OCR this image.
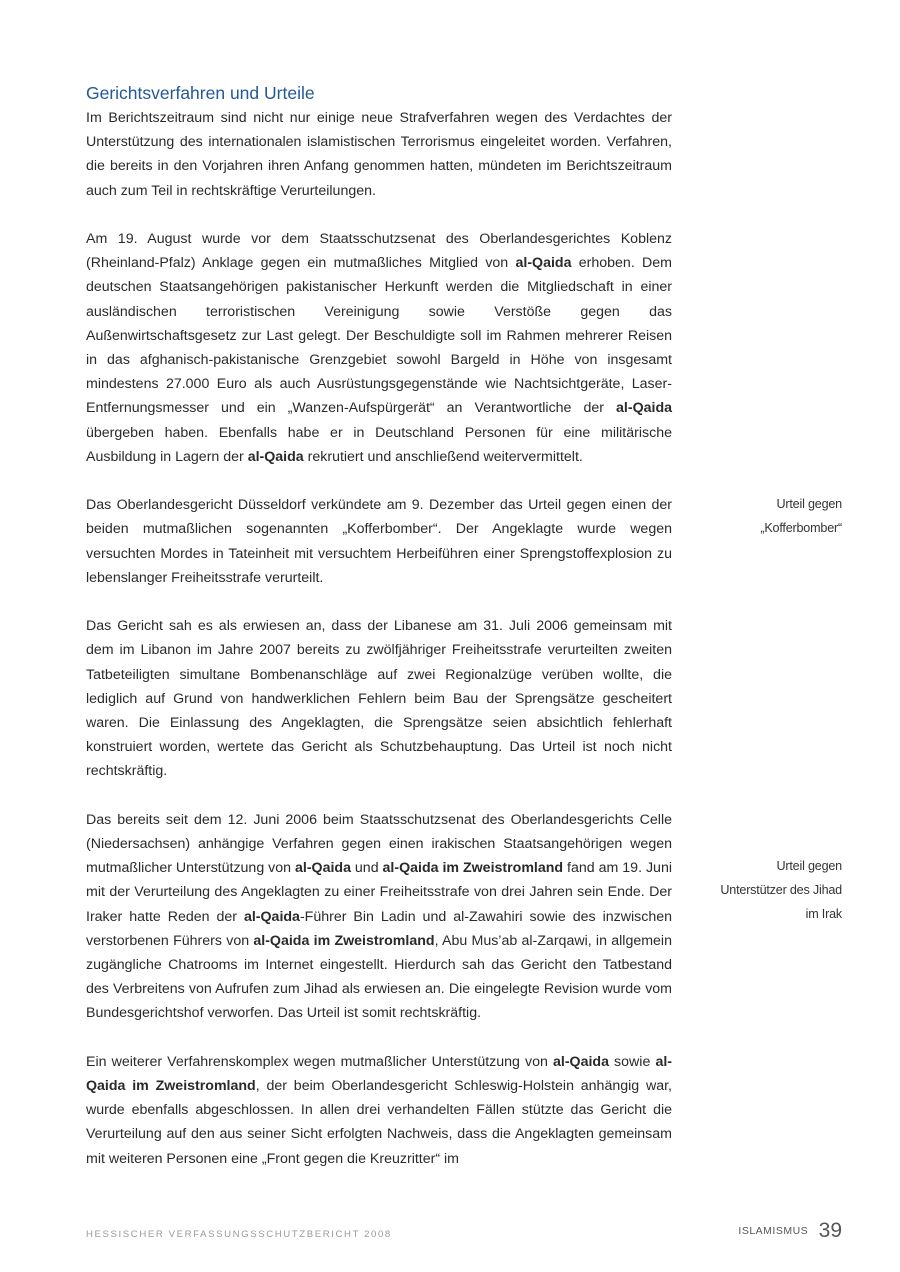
Gerichtsverfahren und Urteile

Im Berichtszeitraum sind nicht nur einige neue Strafverfahren wegen des Verdachtes der Unterstützung des internationalen islamistischen Terrorismus eingeleitet worden. Verfahren, die bereits in den Vorjahren ihren Anfang genommen hatten, mündeten im Berichtszeitraum auch zum Teil in rechtskräftige Verurteilungen.

Am 19. August wurde vor dem Staatsschutzsenat des Oberlandesgerichtes Koblenz (Rheinland-Pfalz) Anklage gegen ein mutmaßliches Mitglied von al-Qaida erhoben. Dem deutschen Staatsangehörigen pakistanischer Herkunft werden die Mitgliedschaft in einer ausländischen terroristischen Vereinigung sowie Verstöße gegen das Außenwirtschaftsgesetz zur Last gelegt. Der Beschuldigte soll im Rahmen mehrerer Reisen in das afghanisch-pakistanische Grenzgebiet sowohl Bargeld in Höhe von insgesamt mindestens 27.000 Euro als auch Ausrüstungsgegenstände wie Nachtsichtgeräte, Laser-Entfernungsmesser und ein „Wanzen-Aufspürgerät“ an Verantwortliche der al-Qaida übergeben haben. Ebenfalls habe er in Deutschland Personen für eine militärische Ausbildung in Lagern der al-Qaida rekrutiert und anschließend weitervermittelt.

Das Oberlandesgericht Düsseldorf verkündete am 9. Dezember das Urteil gegen einen der beiden mutmaßlichen sogenannten „Kofferbomber“. Der Angeklagte wurde wegen versuchten Mordes in Tateinheit mit versuchtem Herbeiführen einer Sprengstoffexplosion zu lebenslanger Freiheitsstrafe verurteilt.

Das Gericht sah es als erwiesen an, dass der Libanese am 31. Juli 2006 gemeinsam mit dem im Libanon im Jahre 2007 bereits zu zwölfjähriger Freiheitsstrafe verurteilten zweiten Tatbeteiligten simultane Bombenanschläge auf zwei Regionalzüge verüben wollte, die lediglich auf Grund von handwerklichen Fehlern beim Bau der Sprengsätze gescheitert waren. Die Einlassung des Angeklagten, die Sprengsätze seien absichtlich fehlerhaft konstruiert worden, wertete das Gericht als Schutzbehauptung. Das Urteil ist noch nicht rechtskräftig.

Das bereits seit dem 12. Juni 2006 beim Staatsschutzsenat des Oberlandesgerichts Celle (Niedersachsen) anhängige Verfahren gegen einen irakischen Staatsangehörigen wegen mutmaßlicher Unterstützung von al-Qaida und al-Qaida im Zweistromland fand am 19. Juni mit der Verurteilung des Angeklagten zu einer Freiheitsstrafe von drei Jahren sein Ende. Der Iraker hatte Reden der al-Qaida-Führer Bin Ladin und al-Zawahiri sowie des inzwischen verstorbenen Führers von al-Qaida im Zweistromland, Abu Mus’ab al-Zarqawi, in allgemein zugängliche Chatrooms im Internet eingestellt. Hierdurch sah das Gericht den Tatbestand des Verbreitens von Aufrufen zum Jihad als erwiesen an. Die eingelegte Revision wurde vom Bundesgerichtshof verworfen. Das Urteil ist somit rechtskräftig.

Ein weiterer Verfahrenskomplex wegen mutmaßlicher Unterstützung von al-Qaida sowie al-Qaida im Zweistromland, der beim Oberlandesgericht Schleswig-Holstein anhängig war, wurde ebenfalls abgeschlossen. In allen drei verhandelten Fällen stützte das Gericht die Verurteilung auf den aus seiner Sicht erfolgten Nachweis, dass die Angeklagten gemeinsam mit weiteren Personen eine „Front gegen die Kreuzritter“ im

Urteil gegen
„Kofferbomber“
Urteil gegen
Unterstützer des Jihad
im Irak
HESSISCHER VERFASSUNGSSCHUTZBERICHT 2008	ISLAMISMUS 39
